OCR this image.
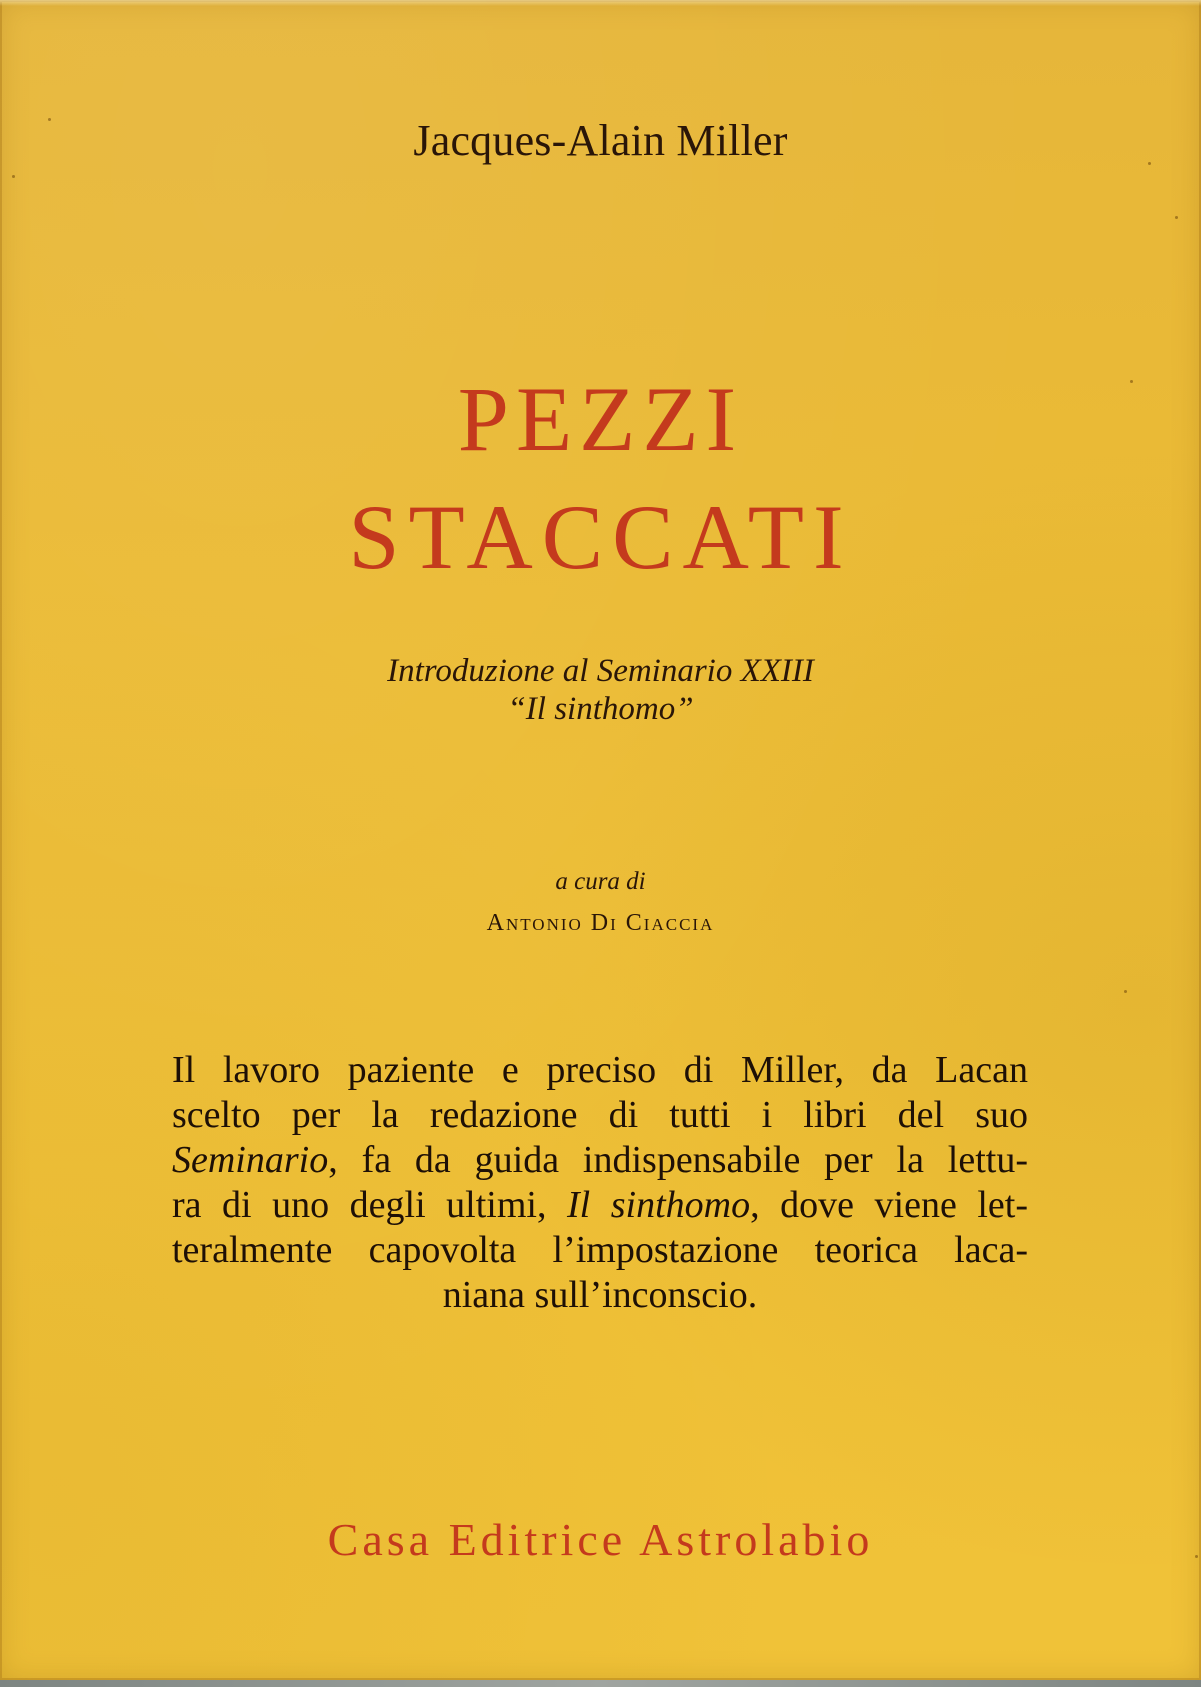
Jacques-Alain Miller
PEZZI
STACCATI
Introduzione al Seminario XXIII
“Il sinthomo”
a cura di
Antonio Di Ciaccia
Il lavoro paziente e preciso di Miller, da Lacan
scelto per la redazione di tutti i libri del suo
Seminario, fa da guida indispensabile per la lettu-
ra di uno degli ultimi, Il sinthomo, dove viene let-
teralmente capovolta l’impostazione teorica laca-
niana sull’inconscio.
Casa Editrice Astrolabio
